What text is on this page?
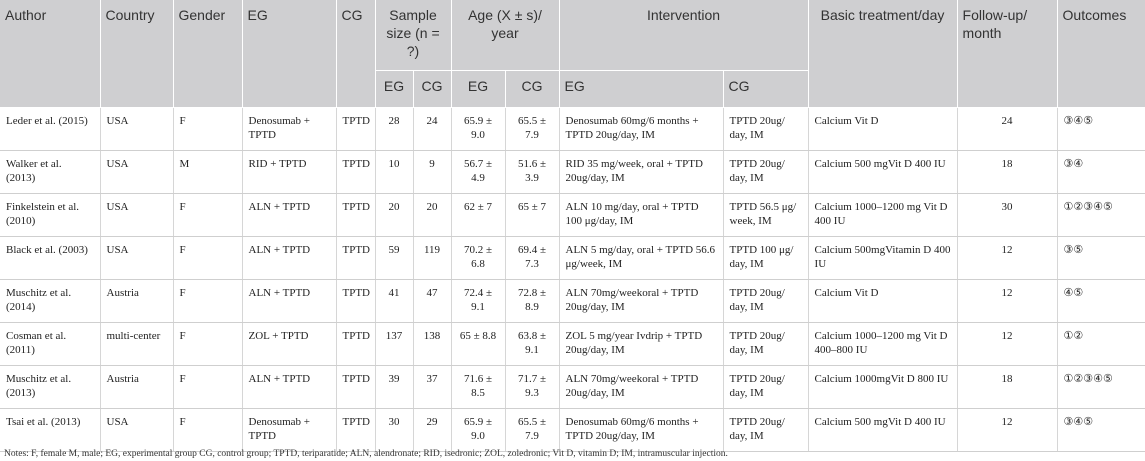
Author	Country	Gender	EG	CG	Sample size (n = ?)		Age (X ± s)/ year		Intervention		Basic treatment/day	Follow-up/ month	Outcomes
					EG	CG	EG	CG	EG	CG			
Leder et al. (2015)	USA	F	Denosumab + TPTD	TPTD	28	24	65.9 ± 9.0	65.5 ± 7.9	Denosumab 60mg/6 months + TPTD 20ug/day, IM	TPTD 20ug/ day, IM	Calcium Vit D	24	③④⑤
Walker et al. (2013)	USA	M	RID + TPTD	TPTD	10	9	56.7 ± 4.9	51.6 ± 3.9	RID 35 mg/week, oral + TPTD 20ug/day, IM	TPTD 20ug/ day, IM	Calcium 500 mgVit D 400 IU	18	③④
Finkelstein et al. (2010)	USA	F	ALN + TPTD	TPTD	20	20	62 ± 7	65 ± 7	ALN 10 mg/day, oral + TPTD 100 μg/day, IM	TPTD 56.5 μg/ week, IM	Calcium 1000–1200 mg Vit D 400 IU	30	①②③④⑤
Black et al. (2003)	USA	F	ALN + TPTD	TPTD	59	119	70.2 ± 6.8	69.4 ± 7.3	ALN 5 mg/day, oral + TPTD 56.6 μg/week, IM	TPTD 100 μg/ day, IM	Calcium 500mgVitamin D 400 IU	12	③⑤
Muschitz et al. (2014)	Austria	F	ALN + TPTD	TPTD	41	47	72.4 ± 9.1	72.8 ± 8.9	ALN 70mg/weekoral + TPTD 20ug/day, IM	TPTD 20ug/ day, IM	Calcium Vit D	12	④⑤
Cosman et al. (2011)	multi-center	F	ZOL + TPTD	TPTD	137	138	65 ± 8.8	63.8 ± 9.1	ZOL 5 mg/year Ivdrip + TPTD 20ug/day, IM	TPTD 20ug/ day, IM	Calcium 1000–1200 mg Vit D 400–800 IU	12	①②
Muschitz et al. (2013)	Austria	F	ALN + TPTD	TPTD	39	37	71.6 ± 8.5	71.7 ± 9.3	ALN 70mg/weekoral + TPTD 20ug/day, IM	TPTD 20ug/ day, IM	Calcium 1000mgVit D 800 IU	18	①②③④⑤
Tsai et al. (2013)	USA	F	Denosumab + TPTD	TPTD	30	29	65.9 ± 9.0	65.5 ± 7.9	Denosumab 60mg/6 months + TPTD 20ug/day, IM	TPTD 20ug/ day, IM	Calcium 500 mgVit D 400 IU	12	③④⑤
Notes: F, female M, male; EG, experimental group CG, control group; TPTD, teriparatide; ALN, alendronate; RID, isedronic; ZOL, zoledronic; Vit D, vitamin D; IM, intramuscular injection.
